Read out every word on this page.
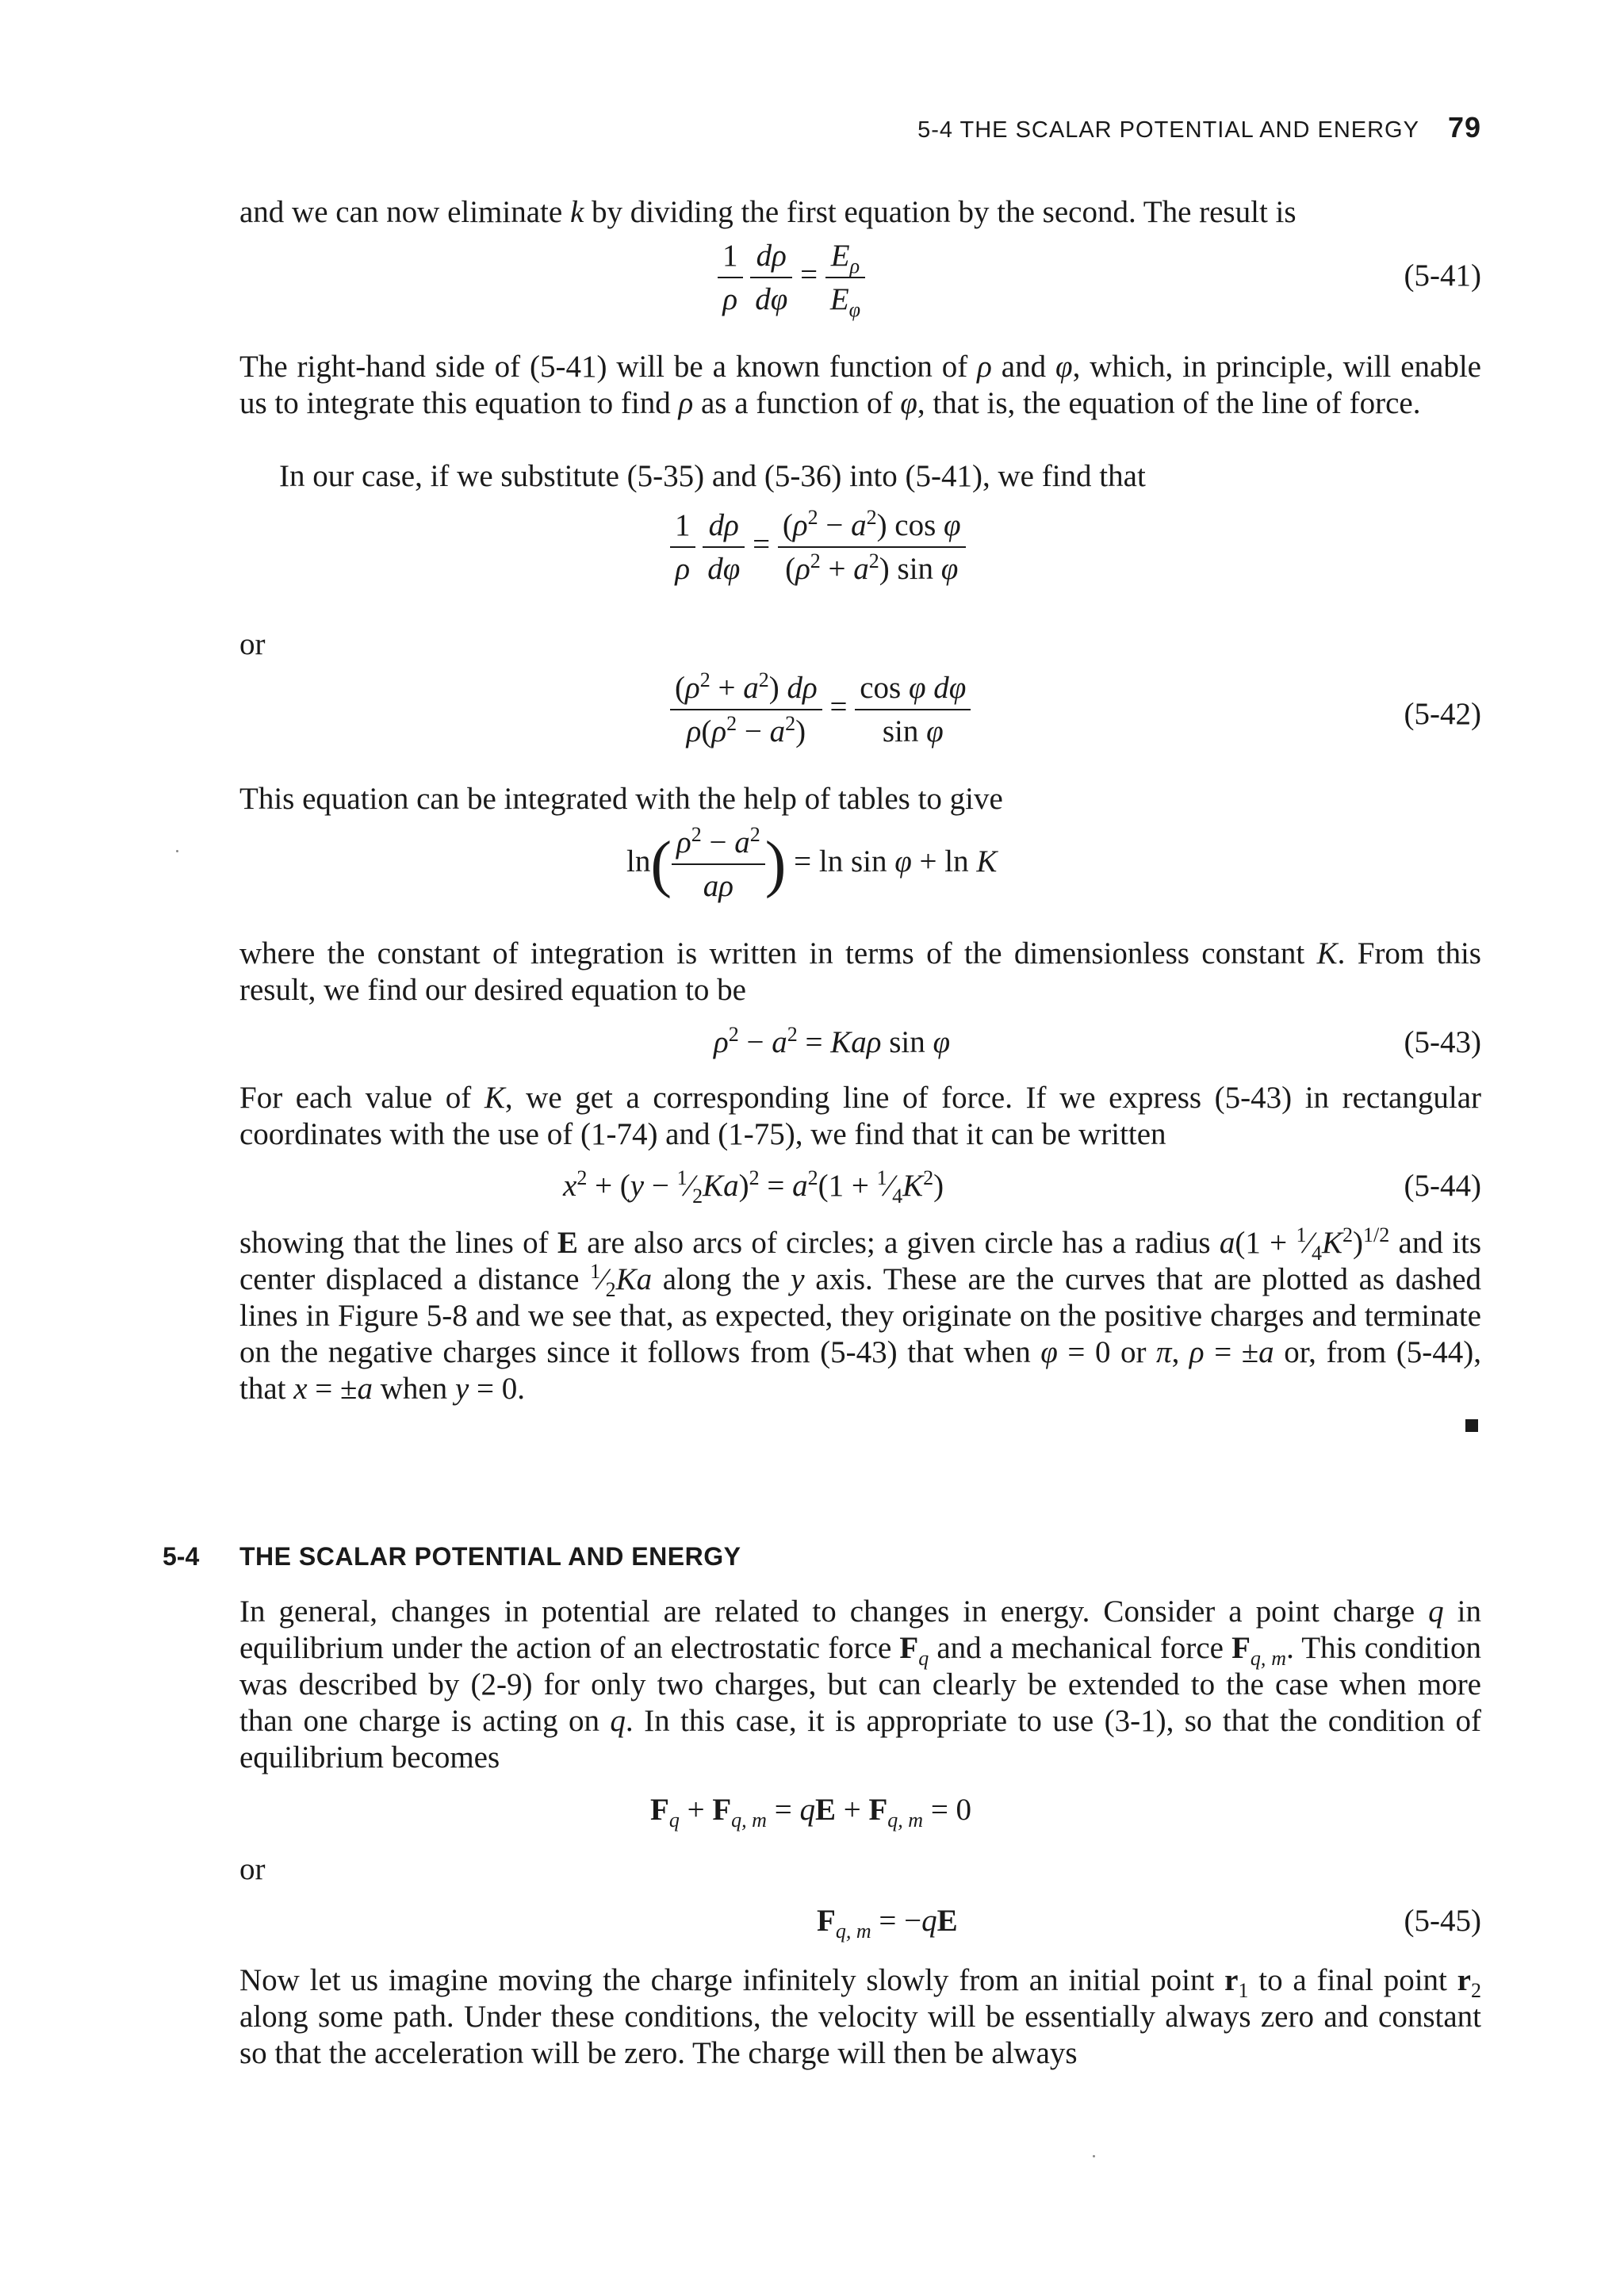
5-4 THE SCALAR POTENTIAL AND ENERGY 79
and we can now eliminate k by dividing the first equation by the second. The result is
$\frac{1}{\rho}$
$\frac{d\rho}{d\varphi} = \frac{E_\rho}{E_\varphi}$	(5-41)
The right-hand side of (5-41) will be a known function of ρ and φ, which, in principle, will enable us to integrate this equation to find ρ as a function of φ, that is, the equation of the line of force.
In our case, if we substitute (5-35) and (5-36) into (5-41), we find that
$\frac{1}{\rho}$
$\frac{d\rho}{d\varphi} = \frac{(\rho^2 - a^2) \cos \varphi}{(\rho^2 + a^2) \sin \varphi}$
or
$\frac{(\rho^2 + a^2) d\rho}{\rho(\rho^2 - a^2)} = \frac{\text{cos φ dφ}}{\text{sin φ}}$	(5-42)
This equation can be integrated with the help of tables to give
$\ln( \frac{\rho^2 - a^2}{a\rho}$ ) = ln sin φ + ln K
where the constant of integration is written in terms of the dimensionless constant K. From this result, we find our desired equation to be
$\rho^2 - a^2 = Ka\rho$ sin φ	(5-43)
For each value of K, we get a corresponding line of force. If we express (5-43) in rectangular coordinates with the use of (1-74) and (1-75), we find that it can be written
$x^2 + (y$ − $^1⁄_2Ka)^2 = a^2(1$ + $^1⁄_4K^2$)	(5-44)
showing that the lines of E are also arcs of circles; a given circle has a radius $a(1 + ^1⁄_4K^2)^{1/2}$ and its center displaced a distance $^1⁄_2Ka$ along the y axis. These are the curves that are plotted as dashed lines in Figure 5-8 and we see that, as expected, they originate on the positive charges and terminate on the negative charges since it follows from (5-43) that when φ = 0 or π, ρ = ±a or, from (5-44), that x = ±a when y = 0.
5-4 THE SCALAR POTENTIAL AND ENERGY
In general, changes in potential are related to changes in energy. Consider a point charge q in equilibrium under the action of an electrostatic force $F_q$ and a mechanical force $F_{q, m}$. This condition was described by (2-9) for only two charges, but can clearly be extended to the case when more than one charge is acting on q. In this case, it is appropriate to use (3-1), so that the condition of equilibrium becomes
$F_q + F_{q, m}$ = qE + $F_{q, m} = 0$
or
$F_{q, m} = -qE$	(5-45)
Now let us imagine moving the charge infinitely slowly from an initial point $r_1$ to a final point $r_2$ along some path. Under these conditions, the velocity will be essentially always zero and constant so that the acceleration will be zero. The charge will then be always
